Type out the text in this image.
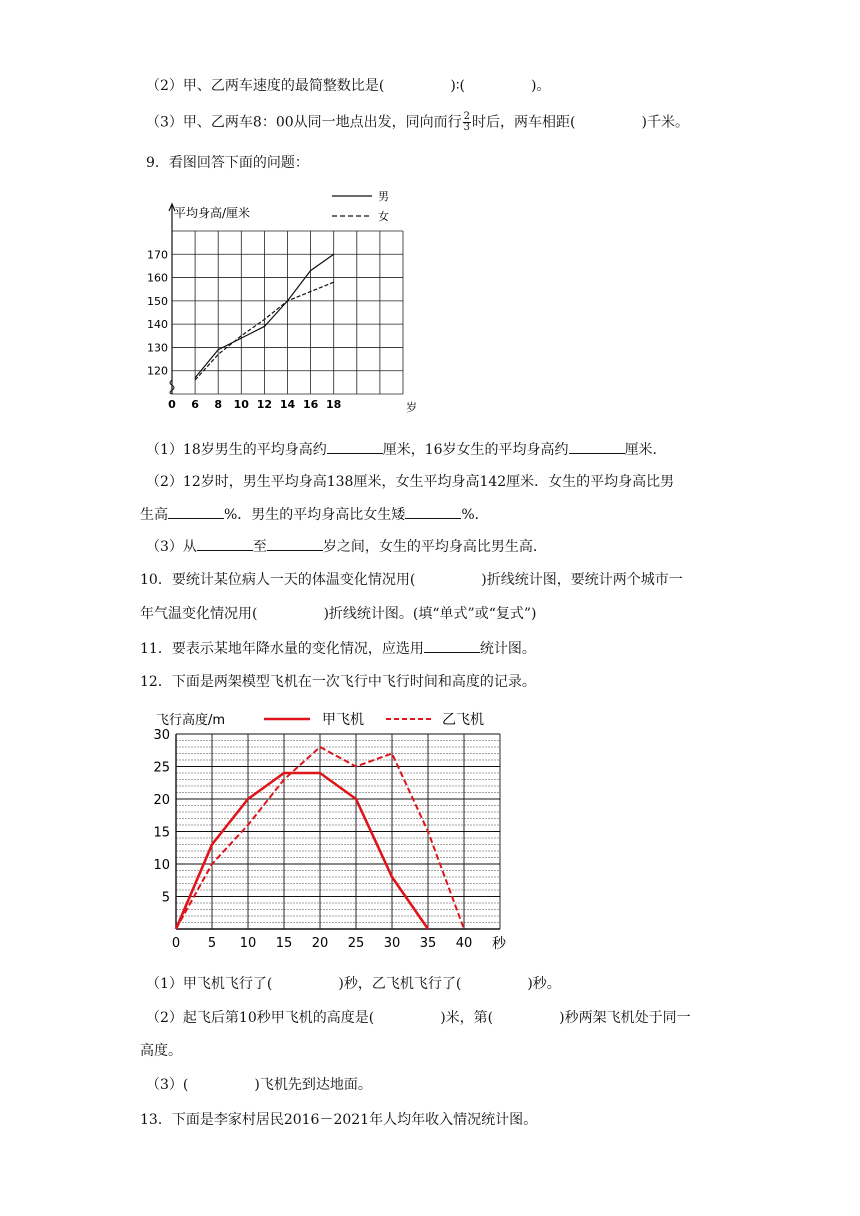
（2）甲、乙两车速度的最简整数比是(	)∶(	)。
（3）甲、乙两车8：00从同一地点出发，同向而行 $\frac{2}{3}$ 时后，两车相距(	)千米。
9．看图回答下面的问题：
120
130
140
150
160
170
0 6 8 10 12 14 16 18
男
女
平均身高/厘米
岁
（1）18岁男生的平均身高约	厘米，16岁女生的平均身高约	厘米．
（2）12岁时，男生平均身高138厘米，女生平均身高142厘米．女生的平均身高比男
生高	%．男生的平均身高比女生矮	%．
（3）从	至	岁之间，女生的平均身高比男生高．
10．要统计某位病人一天的体温变化情况用(	)折线统计图，要统计两个城市一
年气温变化情况用(	)折线统计图。(填“单式”或“复式”)
11．要表示某地年降水量的变化情况，应选用	统计图。
12．下面是两架模型飞机在一次飞行中飞行时间和高度的记录。
5
10
15
20
25
30
0 5 10 15 20 25 30 35 40
飞行高度/m	甲飞机	乙飞机
秒
（1）甲飞机飞行了(	)秒，乙飞机飞行了(	)秒。
（2）起飞后第10秒甲飞机的高度是(	)米，第(	)秒两架飞机处于同一
高度。
（3）(	)飞机先到达地面。
13．下面是李家村居民2016－2021年人均年收入情况统计图。
